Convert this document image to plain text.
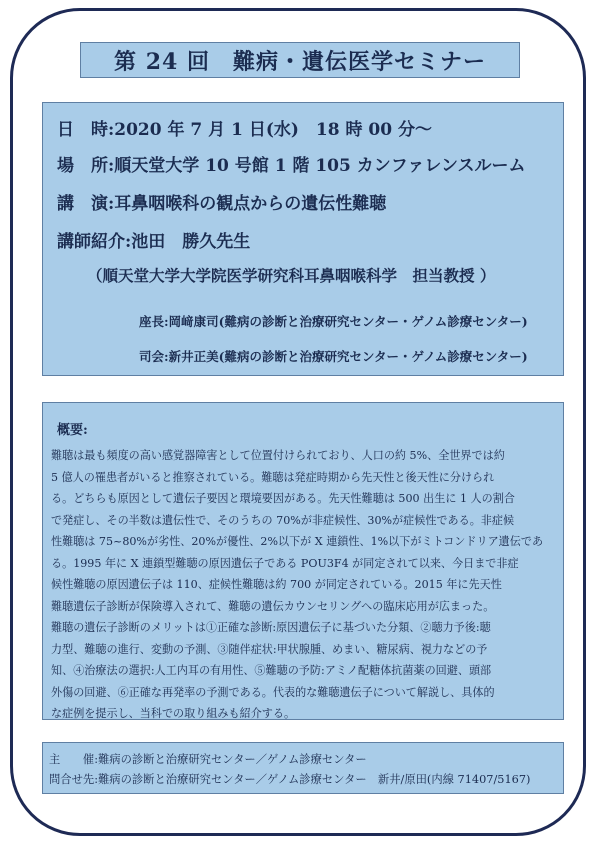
第 24 回　難病・遺伝医学セミナー
日　時:2020 年 7 月 1 日(水)　18 時 00 分～
場　所:順天堂大学 10 号館 1 階 105 カンファレンスルーム
講　演:耳鼻咽喉科の観点からの遺伝性難聴
講師紹介:池田　勝久先生
（順天堂大学大学院医学研究科耳鼻咽喉科学　担当教授 ）
座長:岡﨑康司(難病の診断と治療研究センター・ゲノム診療センター)
司会:新井正美(難病の診断と治療研究センター・ゲノム診療センター)
概要:
難聴は最も頻度の高い感覚器障害として位置付けられており、人口の約 5%、全世界では約
5 億人の罹患者がいると推察されている。難聴は発症時期から先天性と後天性に分けられ
る。どちらも原因として遺伝子要因と環境要因がある。先天性難聴は 500 出生に 1 人の割合
で発症し、その半数は遺伝性で、そのうちの 70%が非症候性、30%が症候性である。非症候
性難聴は 75~80%が劣性、20%が優性、2%以下が X 連鎖性、1%以下がミトコンドリア遺伝であ
る。1995 年に X 連鎖型難聴の原因遺伝子である POU3F4 が同定されて以来、今日まで非症
候性難聴の原因遺伝子は 110、症候性難聴は約 700 が同定されている。2015 年に先天性
難聴遺伝子診断が保険導入されて、難聴の遺伝カウンセリングへの臨床応用が広まった。
難聴の遺伝子診断のメリットは①正確な診断:原因遺伝子に基づいた分類、②聴力予後:聴
力型、難聴の進行、変動の予測、③随伴症状:甲状腺腫、めまい、糖尿病、視力などの予
知、④治療法の選択:人工内耳の有用性、⑤難聴の予防:アミノ配糖体抗菌薬の回避、頭部
外傷の回避、⑥正確な再発率の予測である。代表的な難聴遺伝子について解説し、具体的
な症例を提示し、当科での取り組みも紹介する。
主　　催:難病の診断と治療研究センター／ゲノム診療センター
問合せ先:難病の診断と治療研究センター／ゲノム診療センター　新井/原田(内線 71407/5167)
